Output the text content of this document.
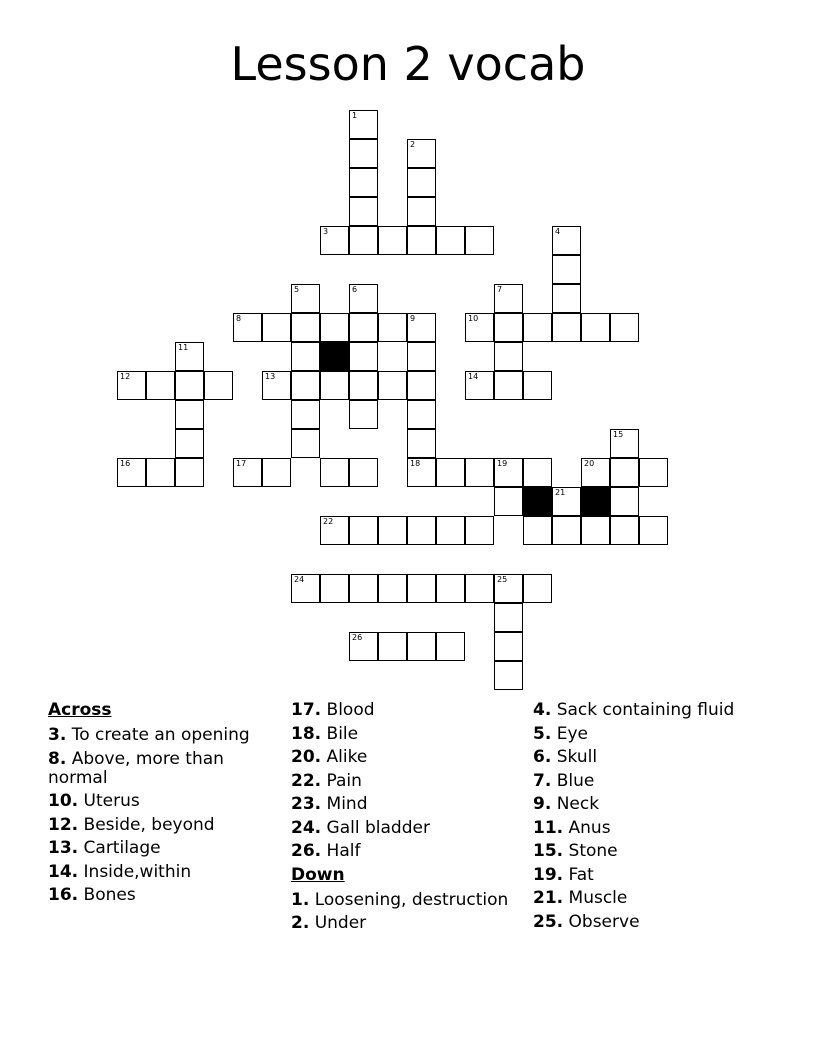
Lesson 2 vocab
1
2
3	4
5	6	7
8	9
18
10
11
12	13	14
15
16	17	19	20
21
22
24	25
26
Across
3. To create an opening
8. Above, more than normal
10. Uterus
12. Beside, beyond
13. Cartilage
14. Inside,within
16. Bones
17. Blood
18. Bile
20. Alike
22. Pain
23. Mind
24. Gall bladder
26. Half
Down
1. Loosening, destruction
2. Under
4. Sack containing fluid
5. Eye
6. Skull
7. Blue
9. Neck
11. Anus
15. Stone
19. Fat
21. Muscle
25. Observe
